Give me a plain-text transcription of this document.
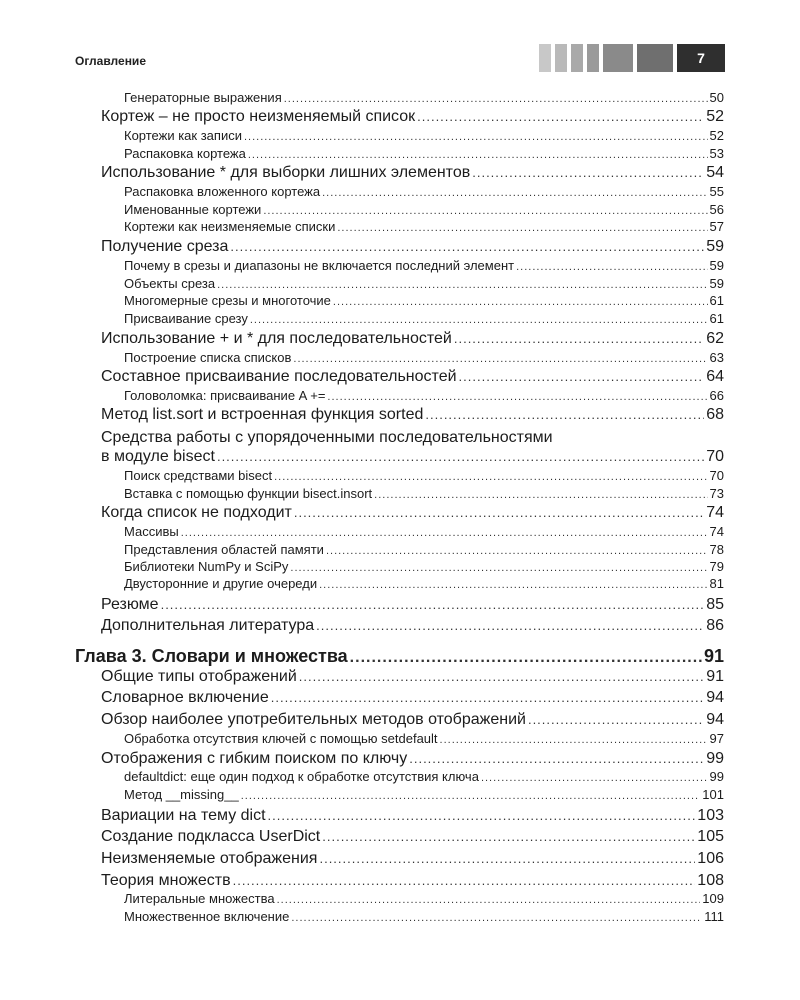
Оглавление	7
Генераторные выражения .....	50
Кортеж – не просто неизменяемый список .....	52
Кортежи как записи .....	52
Распаковка кортежа .....	53
Использование * для выборки лишних элементов .....	54
Распаковка вложенного кортежа .....	55
Именованные кортежи .....	56
Кортежи как неизменяемые списки .....	57
Получение среза .....	59
Почему в срезы и диапазоны не включается последний элемент .....	59
Объекты среза .....	59
Многомерные срезы и многоточие .....	61
Присваивание срезу .....	61
Использование + и * для последовательностей .....	62
Построение списка списков .....	63
Составное присваивание последовательностей .....	64
Головоломка: присваивание A += .....	66
Метод list.sort и встроенная функция sorted .....	68
Средства работы с упорядоченными последовательностями
в модуле bisect .....	70
Поиск средствами bisect .....	70
Вставка с помощью функции bisect.insort .....	73
Когда список не подходит .....	74
Массивы .....	74
Представления областей памяти .....	78
Библиотеки NumPy и SciPy .....	79
Двусторонние и другие очереди .....	81
Резюме .....	85
Дополнительная литература .....	86
Глава 3. Словари и множества .....	91
Общие типы отображений .....	91
Словарное включение .....	94
Обзор наиболее употребительных методов отображений .....	94
Обработка отсутствия ключей с помощью setdefault .....	97
Отображения с гибким поиском по ключу .....	99
defaultdict: еще один подход к обработке отсутствия ключа .....	99
Метод __missing__ .....	101
Вариации на тему dict .....	103
Создание подкласса UserDict .....	105
Неизменяемые отображения .....	106
Теория множеств .....	108
Литеральные множества .....	109
Множественное включение .....	111
